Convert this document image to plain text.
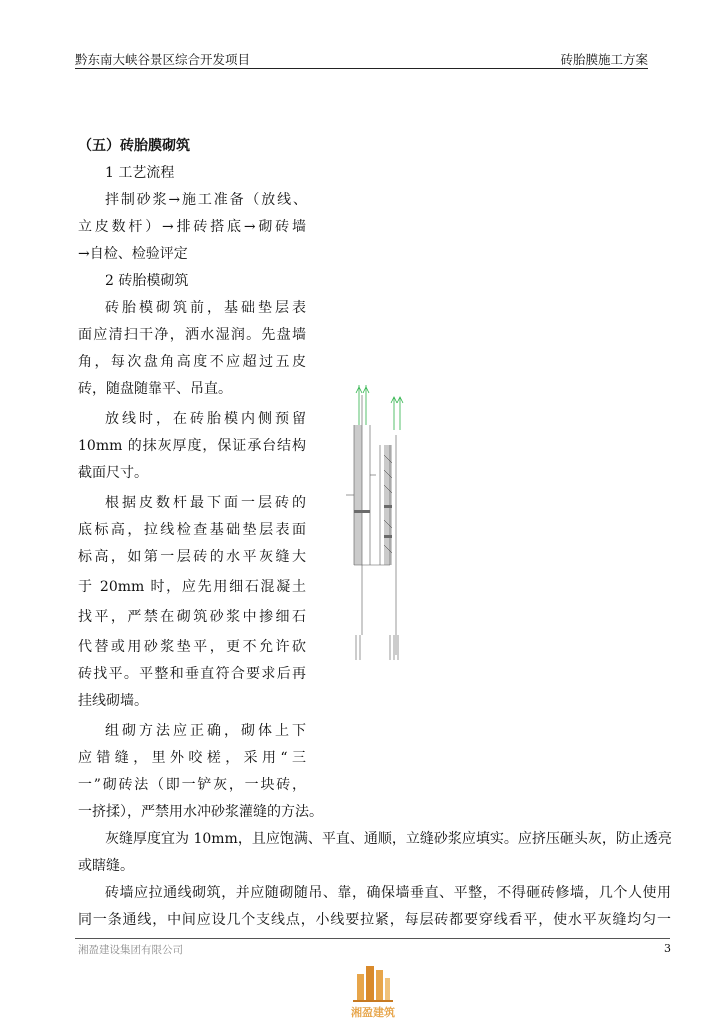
黔东南大峡谷景区综合开发项目	砖胎膜施工方案
（五）砖胎膜砌筑
1 工艺流程
拌制砂浆→施工准备（放线、
立皮数杆）→排砖搭底→砌砖墙
→自检、检验评定
2 砖胎模砌筑
砖胎模砌筑前，基础垫层表
面应清扫干净，洒水湿润。先盘墙
角，每次盘角高度不应超过五皮
砖，随盘随靠平、吊直。
放线时，在砖胎模内侧预留
10mm 的抹灰厚度，保证承台结构
截面尺寸。
根据皮数杆最下面一层砖的
底标高，拉线检查基础垫层表面
标高，如第一层砖的水平灰缝大
于 20mm 时，应先用细石混凝土
找平，严禁在砌筑砂浆中掺细石
代替或用砂浆垫平，更不允许砍
砖找平。平整和垂直符合要求后再
挂线砌墙。
组砌方法应正确，砌体上下
应错缝，里外咬槎，采用“三
一”砌砖法（即一铲灰，一块砖，
一挤揉），严禁用水冲砂浆灌缝的方法。
灰缝厚度宜为 10mm，且应饱满、平直、通顺，立缝砂浆应填实。应挤压砸头灰，防止透亮
或瞎缝。
砖墙应拉通线砌筑，并应随砌随吊、靠，确保墙垂直、平整，不得砸砖修墙，几个人使用
同一条通线，中间应设几个支线点，小线要拉紧，每层砖都要穿线看平，使水平灰缝均匀一
湘盈建设集团有限公司	3
湘盈建筑
